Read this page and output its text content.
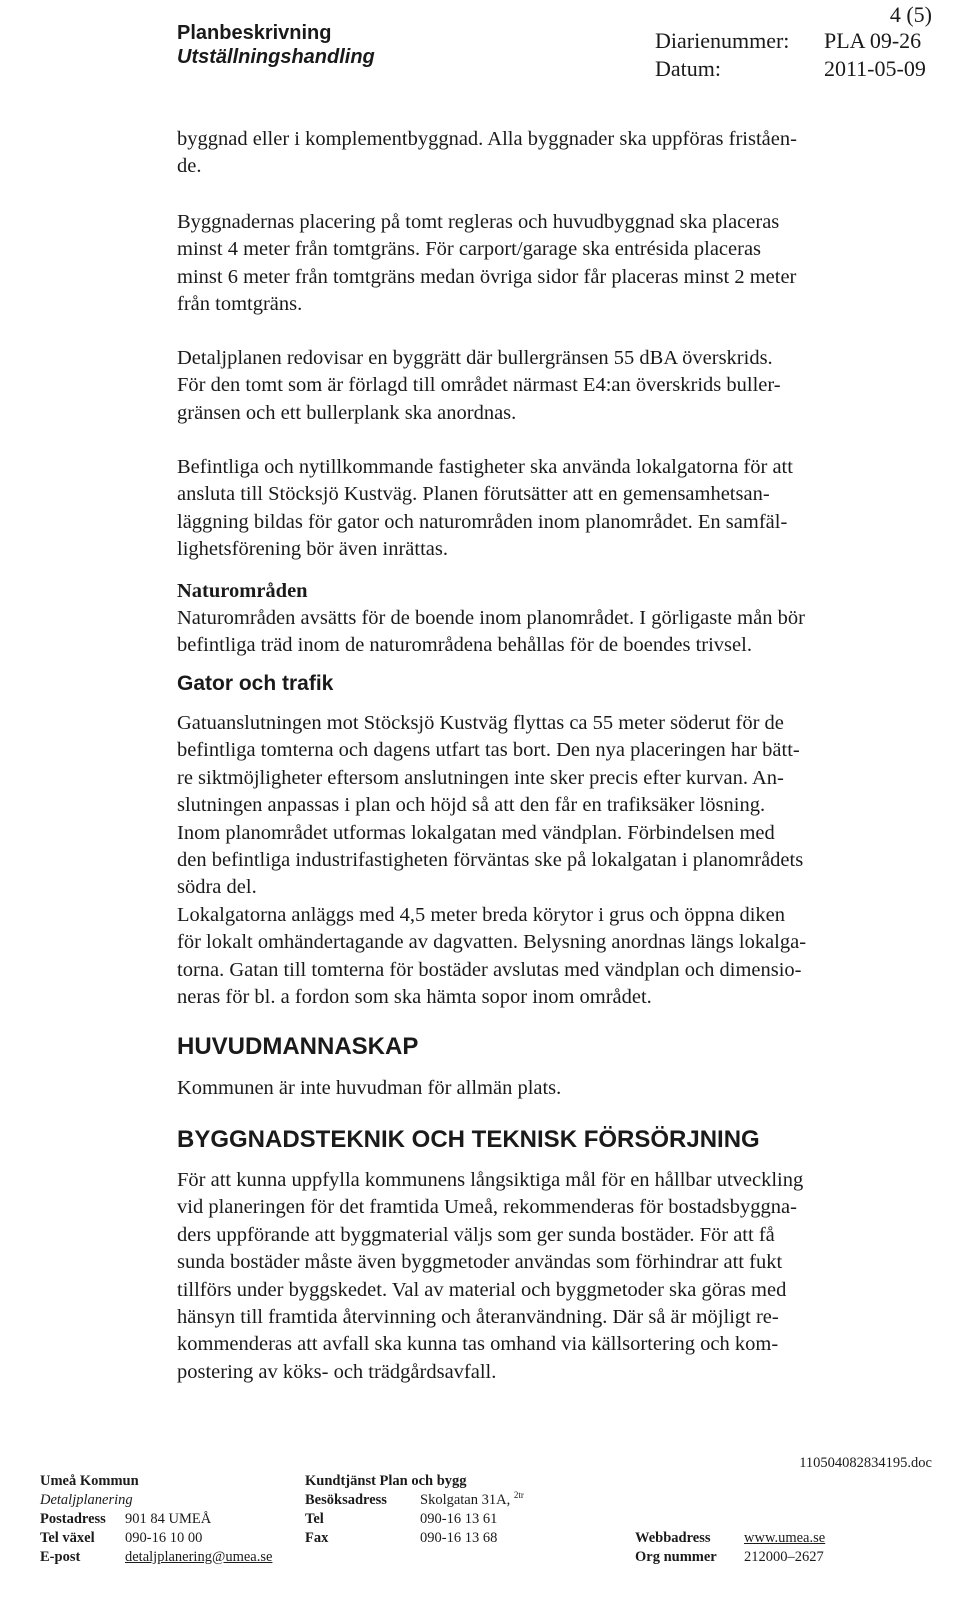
4 (5)
Planbeskrivning
Utställningshandling
Diarienummer: PLA 09-26
Datum:	2011-05-09
byggnad eller i komplementbyggnad. Alla byggnader ska uppföras friståen-
de.
Byggnadernas placering på tomt regleras och huvudbyggnad ska placeras
minst 4 meter från tomtgräns. För carport/garage ska entrésida placeras
minst 6 meter från tomtgräns medan övriga sidor får placeras minst 2 meter
från tomtgräns.
Detaljplanen redovisar en byggrätt där bullergränsen 55 dBA överskrids.
För den tomt som är förlagd till området närmast E4:an överskrids buller-
gränsen och ett bullerplank ska anordnas.
Befintliga och nytillkommande fastigheter ska använda lokalgatorna för att
ansluta till Stöcksjö Kustväg. Planen förutsätter att en gemensamhetsan-
läggning bildas för gator och naturområden inom planområdet. En samfäl-
lighetsförening bör även inrättas.
Naturområden
Naturområden avsätts för de boende inom planområdet. I görligaste mån bör
befintliga träd inom de naturområdena behållas för de boendes trivsel.
Gator och trafik
Gatuanslutningen mot Stöcksjö Kustväg flyttas ca 55 meter söderut för de
befintliga tomterna och dagens utfart tas bort. Den nya placeringen har bätt-
re siktmöjligheter eftersom anslutningen inte sker precis efter kurvan. An-
slutningen anpassas i plan och höjd så att den får en trafiksäker lösning.
Inom planområdet utformas lokalgatan med vändplan. Förbindelsen med
den befintliga industrifastigheten förväntas ske på lokalgatan i planområdets
södra del.
Lokalgatorna anläggs med 4,5 meter breda körytor i grus och öppna diken
för lokalt omhändertagande av dagvatten. Belysning anordnas längs lokalga-
torna. Gatan till tomterna för bostäder avslutas med vändplan och dimensio-
neras för bl. a fordon som ska hämta sopor inom området.
HUVUDMANNASKAP
Kommunen är inte huvudman för allmän plats.
BYGGNADSTEKNIK OCH TEKNISK FÖRSÖRJNING
För att kunna uppfylla kommunens långsiktiga mål för en hållbar utveckling
vid planeringen för det framtida Umeå, rekommenderas för bostadsbyggna-
ders uppförande att byggmaterial väljs som ger sunda bostäder. För att få
sunda bostäder måste även byggmetoder användas som förhindrar att fukt
tillförs under byggskedet. Val av material och byggmetoder ska göras med
hänsyn till framtida återvinning och återanvändning. Där så är möjligt re-
kommenderas att avfall ska kunna tas omhand via källsortering och kom-
postering av köks- och trädgårdsavfall.
110504082834195.doc
Umeå Kommun
Detaljplanering
Postadress 901 84 UMEÅ
Tel växel 090-16 10 00
E-post	detaljplanering@umea.se
Kundtjänst Plan och bygg
Besöksadress Skolgatan 31A, $^{2tr}$
Tel	090-16 13 61
Fax	090-16 13 68	Webbadress www.umea.se
Org nummer 212000–2627
